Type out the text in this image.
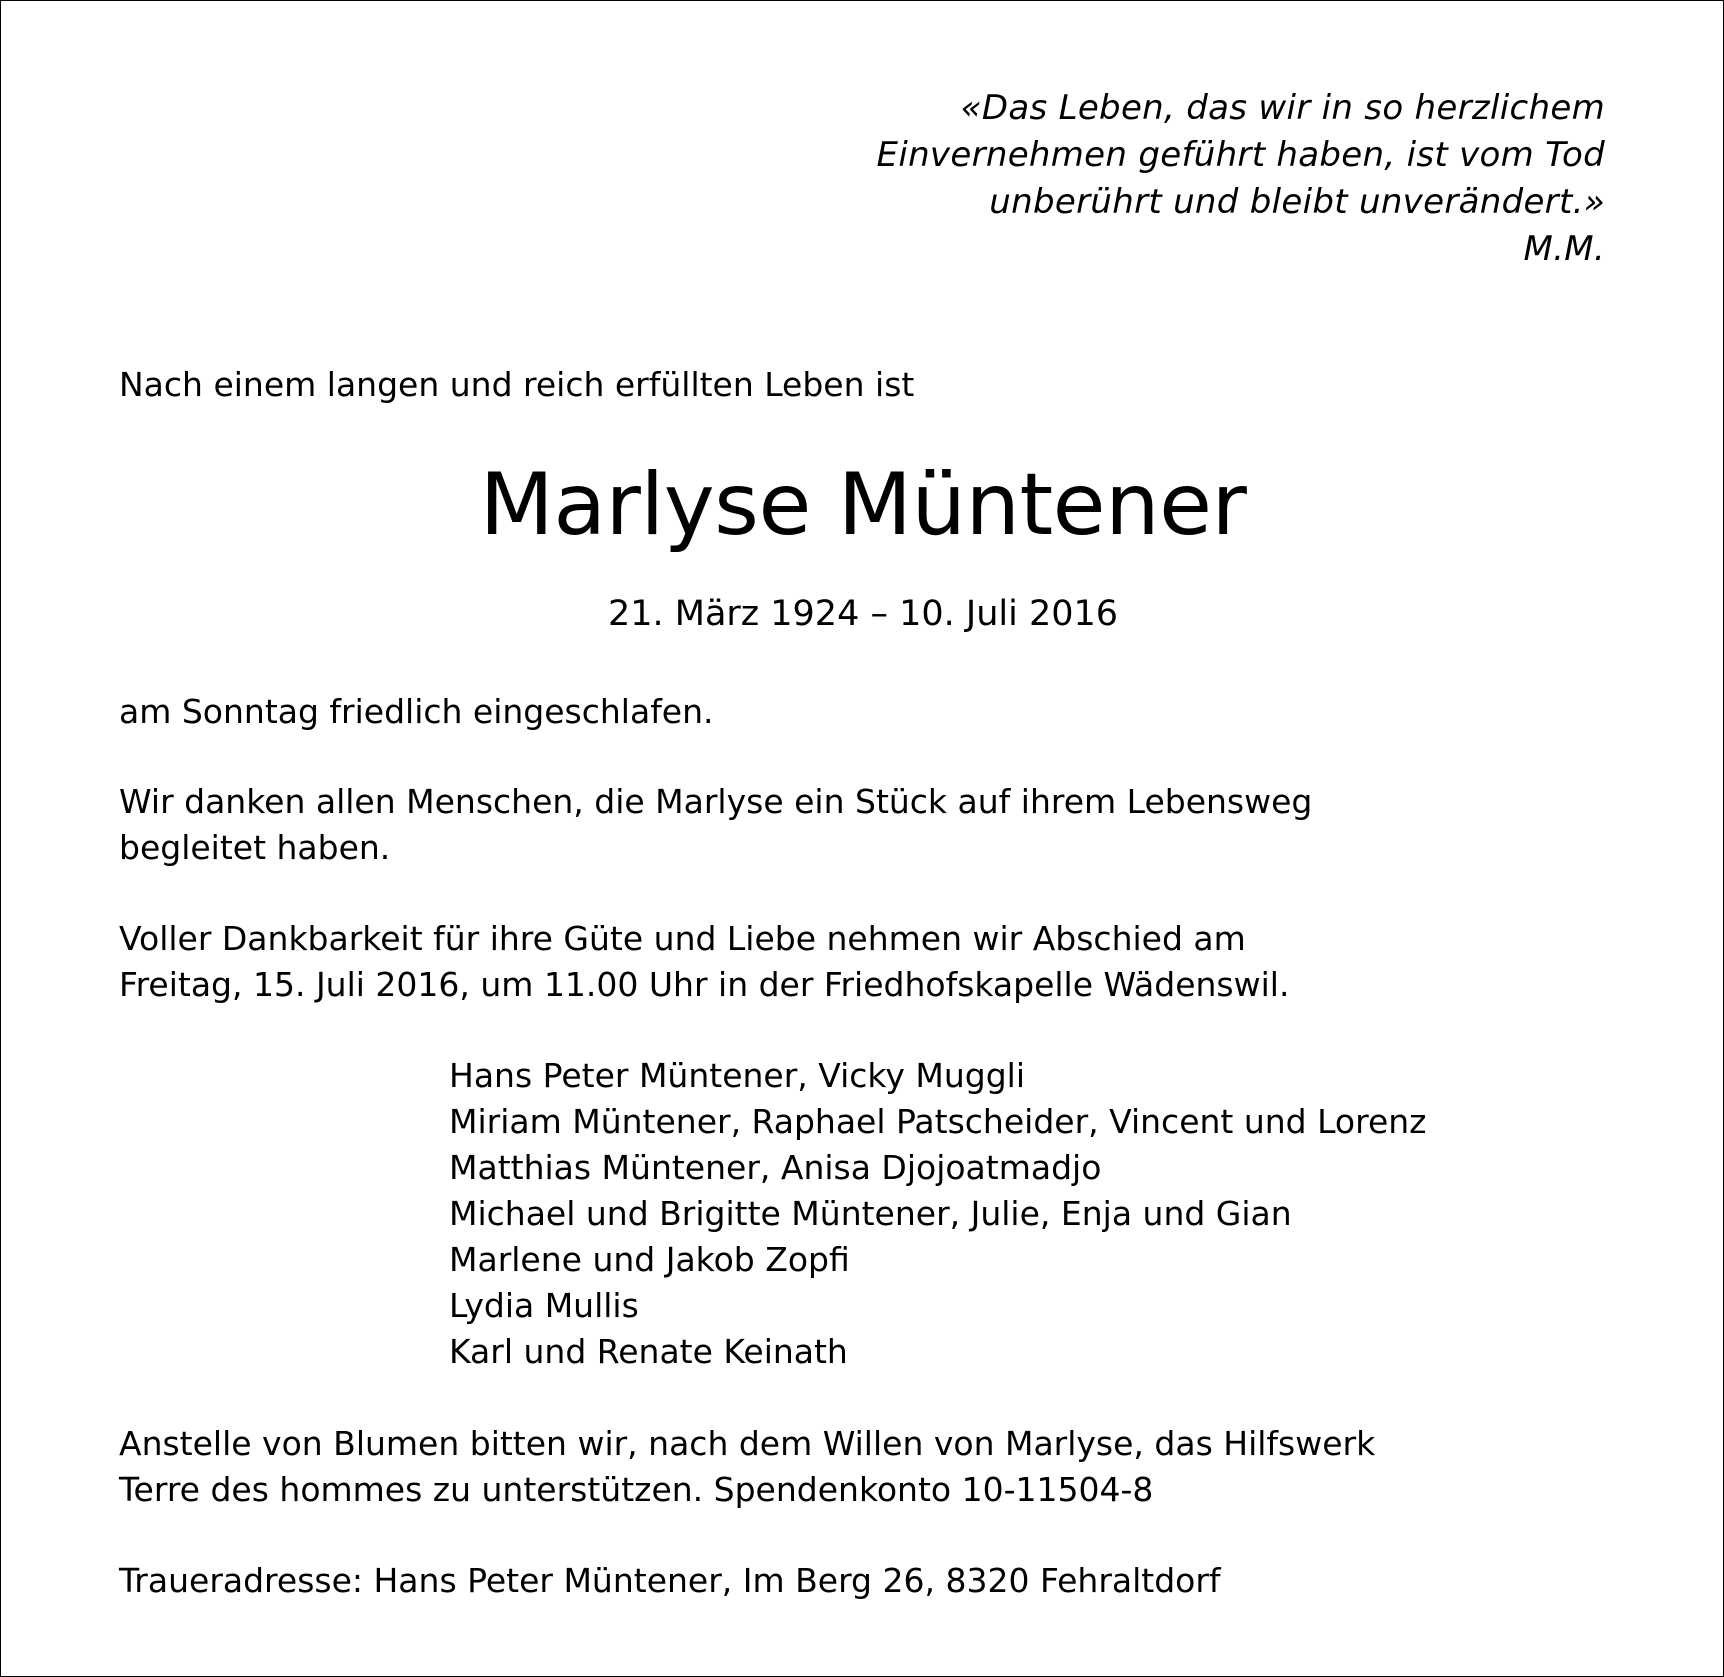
«Das Leben, das wir in so herzlichem
Einvernehmen geführt haben, ist vom Tod
unberührt und bleibt unverändert.»
M.M.
Nach einem langen und reich erfüllten Leben ist
Marlyse Müntener
21. März 1924 – 10. Juli 2016
am Sonntag friedlich eingeschlafen.
Wir danken allen Menschen, die Marlyse ein Stück auf ihrem Lebensweg
begleitet haben.
Voller Dankbarkeit für ihre Güte und Liebe nehmen wir Abschied am
Freitag, 15. Juli 2016, um 11.00 Uhr in der Friedhofskapelle Wädenswil.
Hans Peter Müntener, Vicky Muggli
Miriam Müntener, Raphael Patscheider, Vincent und Lorenz
Matthias Müntener, Anisa Djojoatmadjo
Michael und Brigitte Müntener, Julie, Enja und Gian
Marlene und Jakob Zopfi
Lydia Mullis
Karl und Renate Keinath
Anstelle von Blumen bitten wir, nach dem Willen von Marlyse, das Hilfswerk
Terre des hommes zu unterstützen. Spendenkonto 10-11504-8
Traueradresse: Hans Peter Müntener, Im Berg 26, 8320 Fehraltdorf
